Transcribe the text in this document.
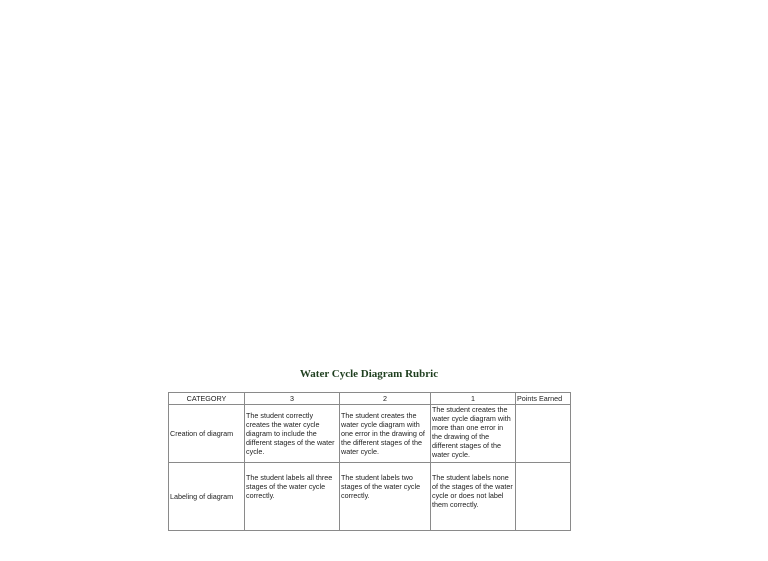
Water Cycle Diagram Rubric
CATEGORY	3	2	1	Points Earned
Creation of diagram	The student correctly creates the water cycle diagram to include the different stages of the water cycle.	The student creates the water cycle diagram with one error in the drawing of the different stages of the water cycle.	The student creates the water cycle diagram with more than one error in the drawing of the different stages of the water cycle.	
Labeling of diagram	The student labels all three stages of the water cycle correctly.	The student labels two stages of the water cycle correctly.	The student labels none of the stages of the water cycle or does not label them correctly.	
